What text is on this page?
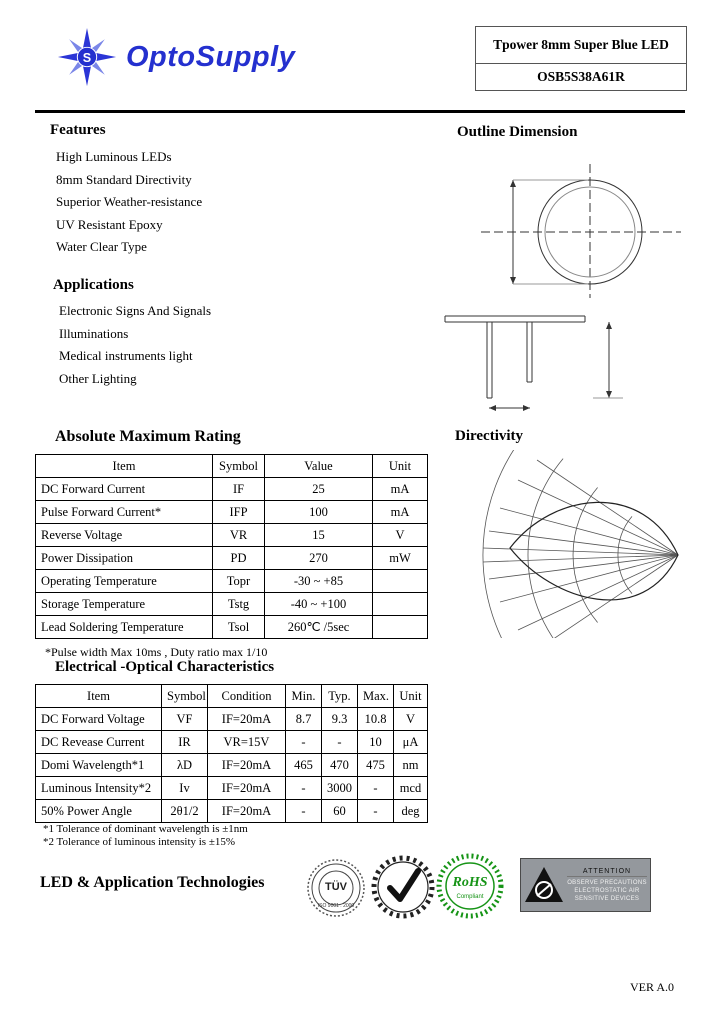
S OptoSupply	Tpower 8mm Super Blue LED
OSB5S38A61R
Features
High Luminous LEDs
8mm Standard Directivity
Superior Weather-resistance
UV Resistant Epoxy
Water Clear Type
Outline Dimension
Applications
Electronic Signs And Signals
Illuminations
Medical instruments light
Other Lighting
Absolute Maximum Rating
Item	Symbol	Value	Unit
DC Forward Current	IF	25	mA
Pulse Forward Current*	IFP	100	mA
Reverse Voltage	VR	15	V
Power Dissipation	PD	270	mW
Operating Temperature	Topr	-30 ~ +85	
Storage Temperature	Tstg	-40 ~ +100	
Lead Soldering Temperature	Tsol	260℃ /5sec	
*Pulse width Max 10ms , Duty ratio max 1/10
Directivity
Electrical -Optical Characteristics
Item	Symbol	Condition	Min.	Typ.	Max.	Unit
DC Forward Voltage	VF	IF=20mA	8.7	9.3	10.8	V
DC Revease Current	IR	VR=15V	-	-	10	μA
Domi Wavelength*1	λD	IF=20mA	465	470	475	nm
Luminous Intensity*2	Iv	IF=20mA	-	3000	-	mcd
50% Power Angle	2θ1/2	IF=20mA	-	60	-	deg
*1 Tolerance of dominant wavelength is ±1nm
*2 Tolerance of luminous intensity is ±15%
LED & Application Technologies	TÜV
ISO 9001 : 2000
RoHS
Compliant
ATTENTION
OBSERVE PRECAUTIONS
ELECTROSTATIC AIR
SENSITIVE DEVICES
VER A.0
